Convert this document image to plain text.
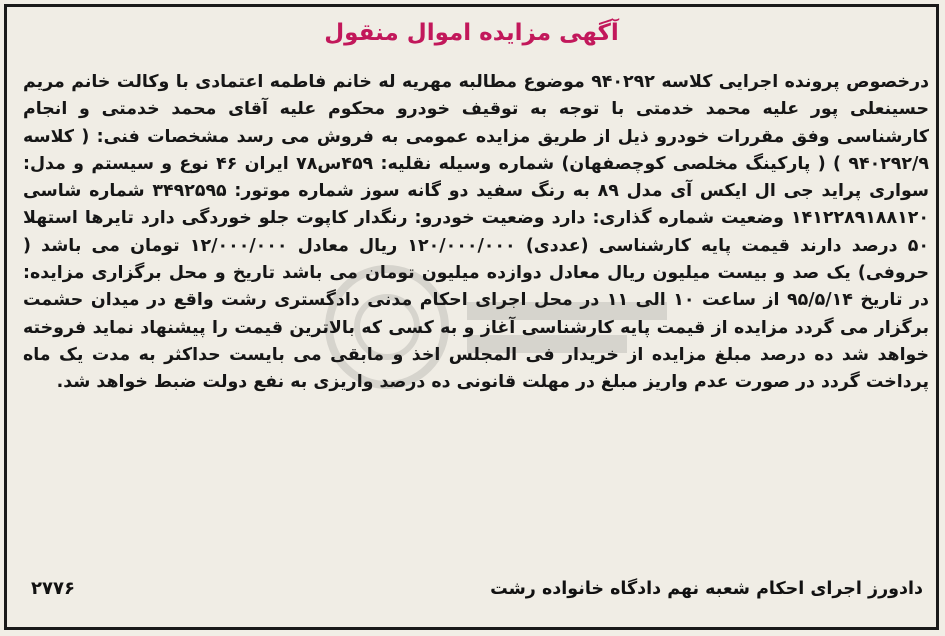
آگهی مزایده اموال منقول
درخصوص پرونده اجرایی کلاسه ۹۴۰۲۹۲ موضوع مطالبه مهریه له خانم فاطمه اعتمادی با وکالت خانم مریم حسینعلی پور علیه محمد خدمتی با توجه به توقیف خودرو محکوم علیه آقای محمد خدمتی و انجام کارشناسی وفق مقررات خودرو ذیل از طریق مزایده عمومی به فروش می رسد مشخصات فنی: ( کلاسه ۹۴۰۲۹۲/۹ ) ( پارکینگ مخلصی کوچصفهان) شماره وسیله نقلیه: ۴۵۹س۷۸ ایران ۴۶ نوع و سیستم و مدل: سواری پراید جی ال ایکس آی مدل ۸۹ به رنگ سفید دو گانه سوز شماره موتور: ۳۴۹۲۵۹۵ شماره شاسی ۱۴۱۲۲۸۹۱۸۸۱۲۰ وضعیت شماره گذاری: دارد وضعیت خودرو: رنگدار کاپوت جلو خوردگی دارد تایرها استهلا ۵۰ درصد دارند قیمت پایه کارشناسی (عددی) ۱۲۰/۰۰۰/۰۰۰ ریال معادل ۱۲/۰۰۰/۰۰۰ تومان می باشد ( حروفی) یک صد و بیست میلیون ریال معادل دوازده میلیون تومان می باشد تاریخ و محل برگزاری مزایده: در تاریخ ۹۵/۵/۱۴ از ساعت ۱۰ الی ۱۱ در محل اجرای احکام مدنی دادگستری رشت واقع در میدان حشمت برگزار می گردد مزایده از قیمت پایه کارشناسی آغاز و به کسی که بالاترین قیمت را پیشنهاد نماید فروخته خواهد شد ده درصد مبلغ مزایده از خریدار فی المجلس اخذ و مابقی می بایست حداکثر به مدت یک ماه پرداخت گردد در صورت عدم واریز مبلغ در مهلت قانونی ده درصد واریزی به نفع دولت ضبط خواهد شد.
دادورز اجرای احکام شعبه نهم دادگاه خانواده رشت
۲۷۷۶
